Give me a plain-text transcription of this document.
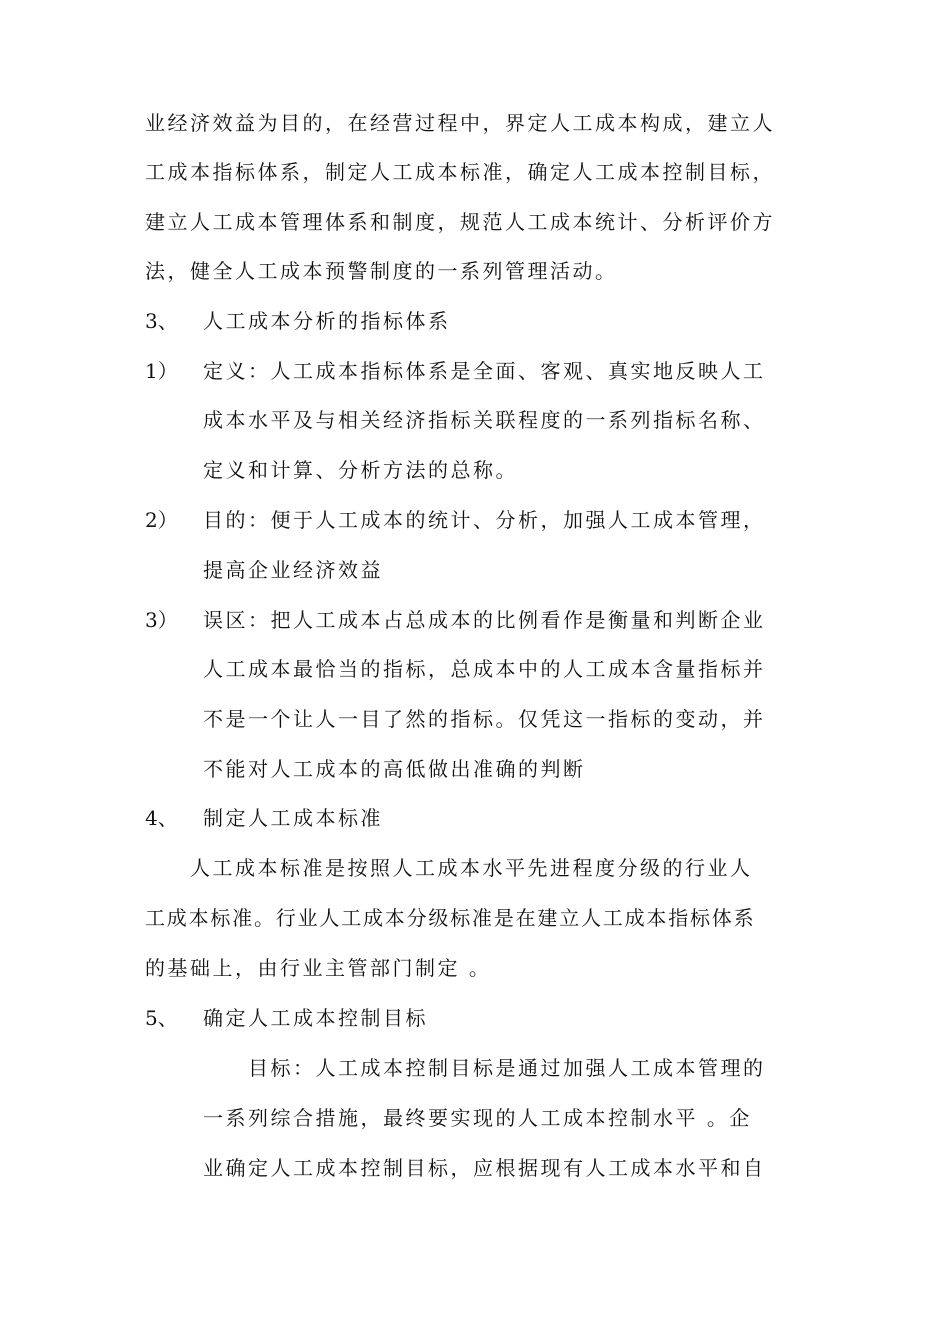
业经济效益为目的，在经营过程中，界定人工成本构成，建立人
工成本指标体系，制定人工成本标准，确定人工成本控制目标，
建立人工成本管理体系和制度，规范人工成本统计、分析评价方
法，健全人工成本预警制度的一系列管理活动。
3、 人工成本分析的指标体系
1） 定义：人工成本指标体系是全面、客观、真实地反映人工
成本水平及与相关经济指标关联程度的一系列指标名称、
定义和计算、分析方法的总称。
2） 目的：便于人工成本的统计、分析，加强人工成本管理，
提高企业经济效益
3） 误区：把人工成本占总成本的比例看作是衡量和判断企业
人工成本最恰当的指标，总成本中的人工成本含量指标并
不是一个让人一目了然的指标。仅凭这一指标的变动，并
不能对人工成本的高低做出准确的判断
4、 制定人工成本标准
人工成本标准是按照人工成本水平先进程度分级的行业人
工成本标准。行业人工成本分级标准是在建立人工成本指标体系
的基础上，由行业主管部门制定 。
5、 确定人工成本控制目标
目标：人工成本控制目标是通过加强人工成本管理的
一系列综合措施，最终要实现的人工成本控制水平 。企
业确定人工成本控制目标，应根据现有人工成本水平和自
